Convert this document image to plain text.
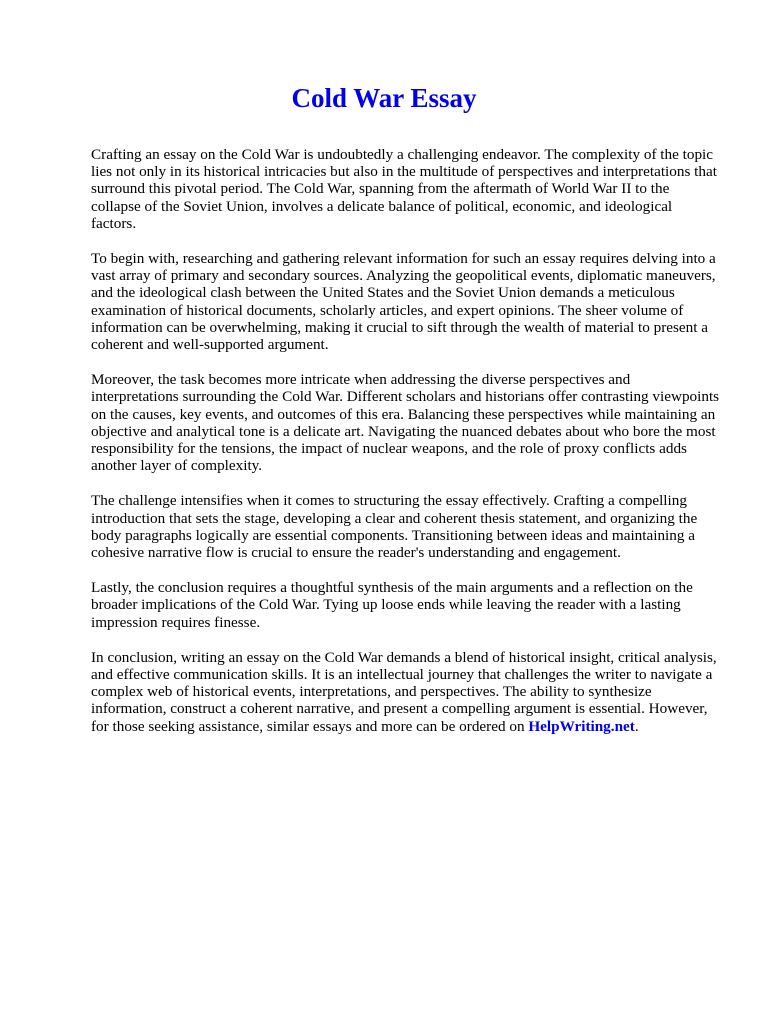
Cold War Essay

Crafting an essay on the Cold War is undoubtedly a challenging endeavor. The complexity of the topic lies not only in its historical intricacies but also in the multitude of perspectives and interpretations that surround this pivotal period. The Cold War, spanning from the aftermath of World War II to the collapse of the Soviet Union, involves a delicate balance of political, economic, and ideological factors.

To begin with, researching and gathering relevant information for such an essay requires delving into a vast array of primary and secondary sources. Analyzing the geopolitical events, diplomatic maneuvers, and the ideological clash between the United States and the Soviet Union demands a meticulous examination of historical documents, scholarly articles, and expert opinions. The sheer volume of information can be overwhelming, making it crucial to sift through the wealth of material to present a coherent and well-supported argument.

Moreover, the task becomes more intricate when addressing the diverse perspectives and interpretations surrounding the Cold War. Different scholars and historians offer contrasting viewpoints on the causes, key events, and outcomes of this era. Balancing these perspectives while maintaining an objective and analytical tone is a delicate art. Navigating the nuanced debates about who bore the most responsibility for the tensions, the impact of nuclear weapons, and the role of proxy conflicts adds another layer of complexity.

The challenge intensifies when it comes to structuring the essay effectively. Crafting a compelling introduction that sets the stage, developing a clear and coherent thesis statement, and organizing the body paragraphs logically are essential components. Transitioning between ideas and maintaining a cohesive narrative flow is crucial to ensure the reader's understanding and engagement.

Lastly, the conclusion requires a thoughtful synthesis of the main arguments and a reflection on the broader implications of the Cold War. Tying up loose ends while leaving the reader with a lasting impression requires finesse.

In conclusion, writing an essay on the Cold War demands a blend of historical insight, critical analysis, and effective communication skills. It is an intellectual journey that challenges the writer to navigate a complex web of historical events, interpretations, and perspectives. The ability to synthesize information, construct a coherent narrative, and present a compelling argument is essential. However, for those seeking assistance, similar essays and more can be ordered on HelpWriting.net.
